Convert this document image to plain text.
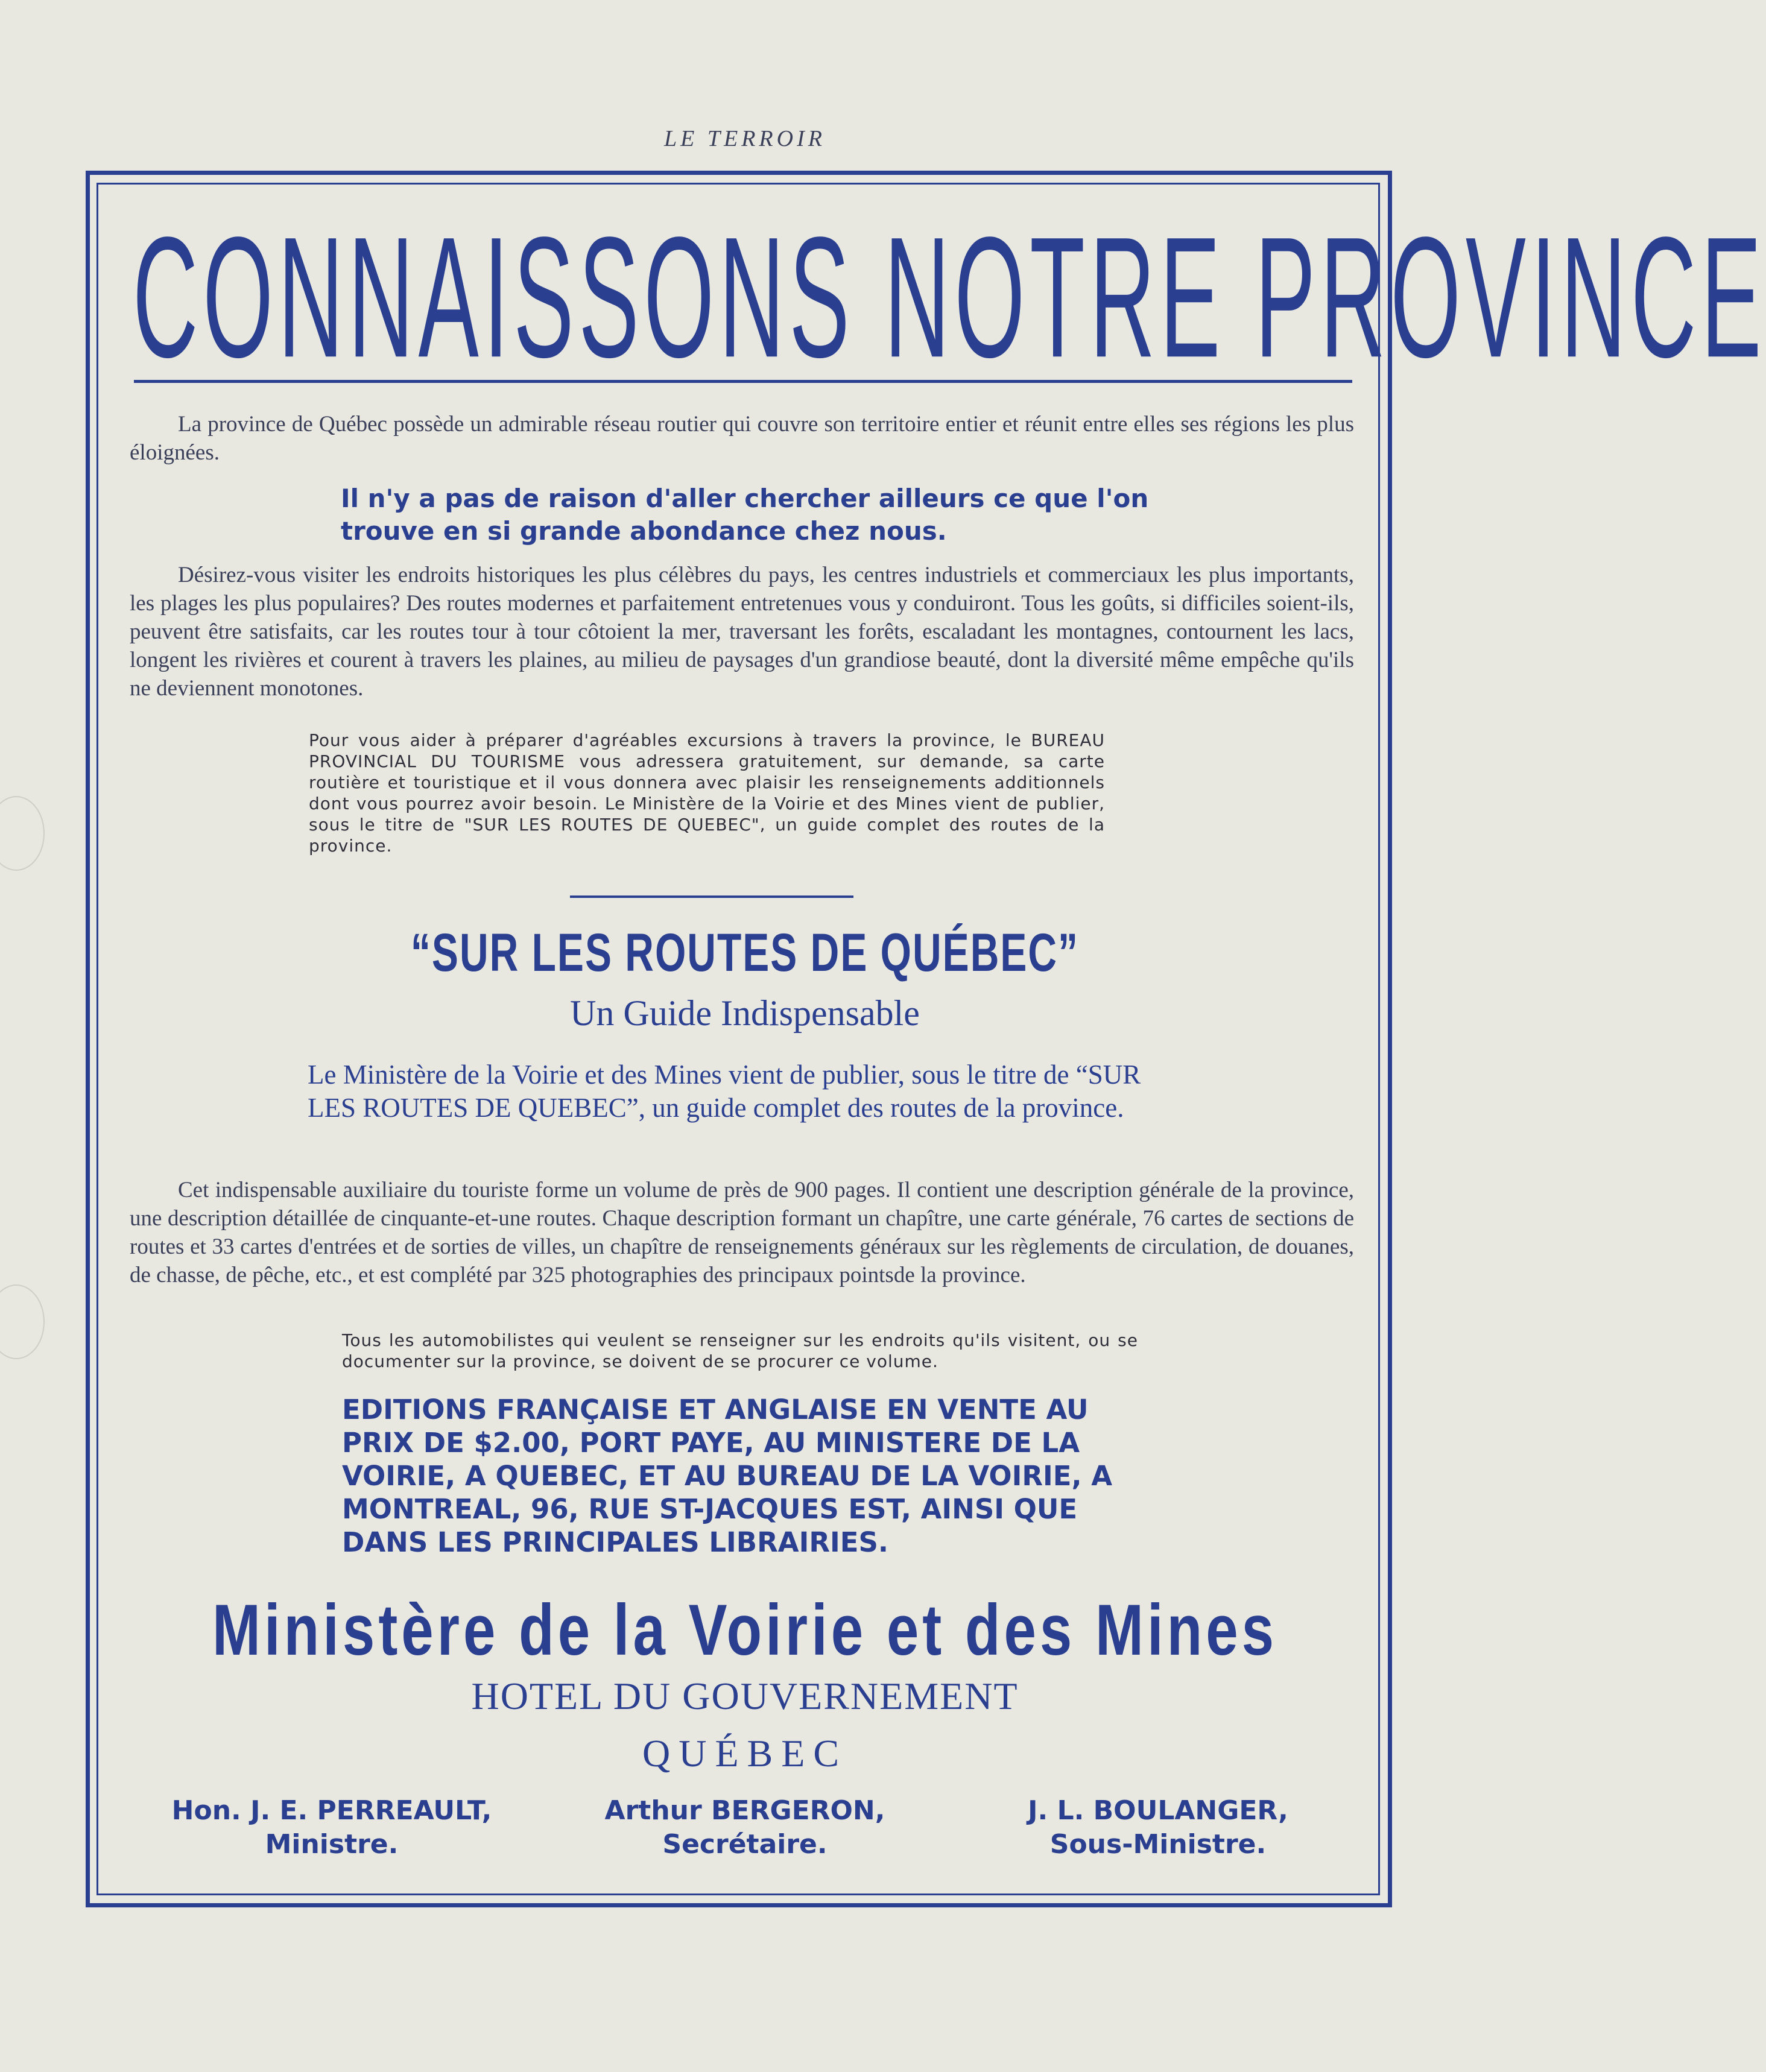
LE TERROIR
CONNAISSONS NOTRE PROVINCE
La province de Québec possède un admirable réseau routier qui couvre son territoire entier et réunit entre elles ses régions les plus éloignées.
Il n'y a pas de raison d'aller chercher ailleurs ce que l'on trouve en si grande abondance chez nous.
Désirez-vous visiter les endroits historiques les plus célèbres du pays, les centres industriels et commerciaux les plus importants, les plages les plus populaires? Des routes modernes et parfaitement entretenues vous y conduiront. Tous les goûts, si difficiles soient-ils, peuvent être satisfaits, car les routes tour à tour côtoient la mer, traversant les forêts, escaladant les montagnes, contournent les lacs, longent les rivières et courent à travers les plaines, au milieu de paysages d'un grandiose beauté, dont la diversité même empêche qu'ils ne deviennent monotones.
Pour vous aider à préparer d'agréables excursions à travers la province, le BUREAU PROVINCIAL DU TOURISME vous adressera gratuitement, sur demande, sa carte routière et touristique et il vous donnera avec plaisir les renseignements additionnels dont vous pourrez avoir besoin. Le Ministère de la Voirie et des Mines vient de publier, sous le titre de "SUR LES ROUTES DE QUEBEC", un guide complet des routes de la province.
“SUR LES ROUTES DE QUÉBEC”
Un Guide Indispensable
Le Ministère de la Voirie et des Mines vient de publier, sous le titre de “SUR LES ROUTES DE QUEBEC”, un guide complet des routes de la province.
Cet indispensable auxiliaire du touriste forme un volume de près de 900 pages. Il contient une description générale de la province, une description détaillée de cinquante-et-une routes. Chaque description formant un chapître, une carte générale, 76 cartes de sections de routes et 33 cartes d'entrées et de sorties de villes, un chapître de renseignements généraux sur les règlements de circulation, de douanes, de chasse, de pêche, etc., et est complété par 325 photographies des principaux pointsde la province.
Tous les automobilistes qui veulent se renseigner sur les endroits qu'ils visitent, ou se documenter sur la province, se doivent de se procurer ce volume.
EDITIONS FRANÇAISE ET ANGLAISE EN VENTE AU PRIX DE $2.00, PORT PAYE, AU MINISTERE DE LA VOIRIE, A QUEBEC, ET AU BUREAU DE LA VOIRIE, A MONTREAL, 96, RUE ST-JACQUES EST, AINSI QUE DANS LES PRINCIPALES LIBRAIRIES.
Ministère de la Voirie et des Mines
HOTEL DU GOUVERNEMENT
QUÉBEC
Hon. J. E. PERREAULT,
Ministre.
Arthur BERGERON,
Secrétaire.
J. L. BOULANGER,
Sous-Ministre.
